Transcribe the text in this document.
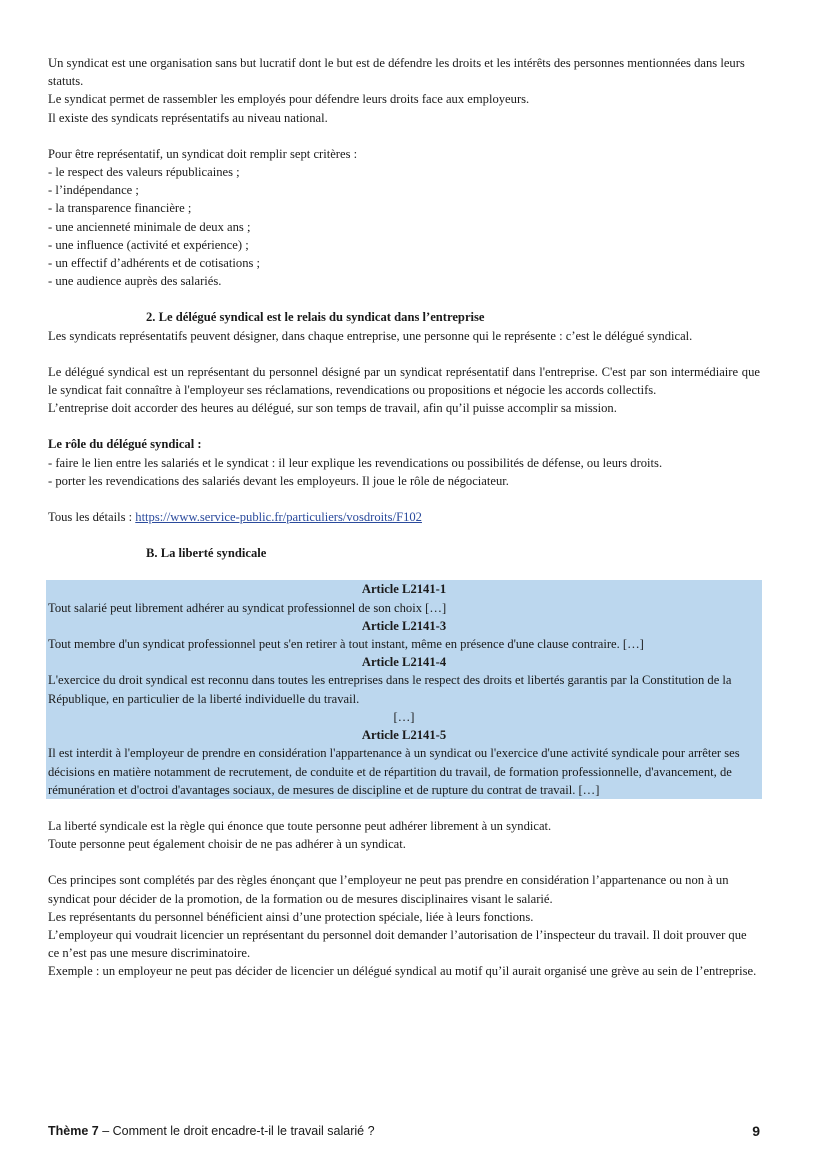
Un syndicat est une organisation sans but lucratif dont le but est de défendre les droits et les intérêts des personnes mentionnées dans leurs statuts.

Le syndicat permet de rassembler les employés pour défendre leurs droits face aux employeurs.

Il existe des syndicats représentatifs au niveau national.

Pour être représentatif, un syndicat doit remplir sept critères :

- le respect des valeurs républicaines ;

- l’indépendance ;

- la transparence financière ;

- une ancienneté minimale de deux ans ;

- une influence (activité et expérience) ;

- un effectif d’adhérents et de cotisations ;

- une audience auprès des salariés.

2. Le délégué syndical est le relais du syndicat dans l’entreprise

Les syndicats représentatifs peuvent désigner, dans chaque entreprise, une personne qui le représente : c’est le délégué syndical.

Le délégué syndical est un représentant du personnel désigné par un syndicat représentatif dans l'entreprise. C'est par son intermédiaire que le syndicat fait connaître à l'employeur ses réclamations, revendications ou propositions et négocie les accords collectifs.

L’entreprise doit accorder des heures au délégué, sur son temps de travail, afin qu’il puisse accomplir sa mission.

Le rôle du délégué syndical :

- faire le lien entre les salariés et le syndicat : il leur explique les revendications ou possibilités de défense, ou leurs droits.

- porter les revendications des salariés devant les employeurs. Il joue le rôle de négociateur.

Tous les détails : https://www.service-public.fr/particuliers/vosdroits/F102

B. La liberté syndicale

Article L2141-1

Tout salarié peut librement adhérer au syndicat professionnel de son choix […]

Article L2141-3

Tout membre d'un syndicat professionnel peut s'en retirer à tout instant, même en présence d'une clause contraire. […]

Article L2141-4

L'exercice du droit syndical est reconnu dans toutes les entreprises dans le respect des droits et libertés garantis par la Constitution de la République, en particulier de la liberté individuelle du travail.

[…]

Article L2141-5

Il est interdit à l'employeur de prendre en considération l'appartenance à un syndicat ou l'exercice d'une activité syndicale pour arrêter ses décisions en matière notamment de recrutement, de conduite et de répartition du travail, de formation professionnelle, d'avancement, de rémunération et d'octroi d'avantages sociaux, de mesures de discipline et de rupture du contrat de travail. […]

La liberté syndicale est la règle qui énonce que toute personne peut adhérer librement à un syndicat.

Toute personne peut également choisir de ne pas adhérer à un syndicat.

Ces principes sont complétés par des règles énonçant que l’employeur ne peut pas prendre en considération l’appartenance ou non à un syndicat pour décider de la promotion, de la formation ou de mesures disciplinaires visant le salarié.

Les représentants du personnel bénéficient ainsi d’une protection spéciale, liée à leurs fonctions.

L’employeur qui voudrait licencier un représentant du personnel doit demander l’autorisation de l’inspecteur du travail. Il doit prouver que ce n’est pas une mesure discriminatoire.

Exemple : un employeur ne peut pas décider de licencier un délégué syndical au motif qu’il aurait organisé une grève au sein de l’entreprise.

Thème 7 – Comment le droit encadre-t-il le travail salarié ?	9
